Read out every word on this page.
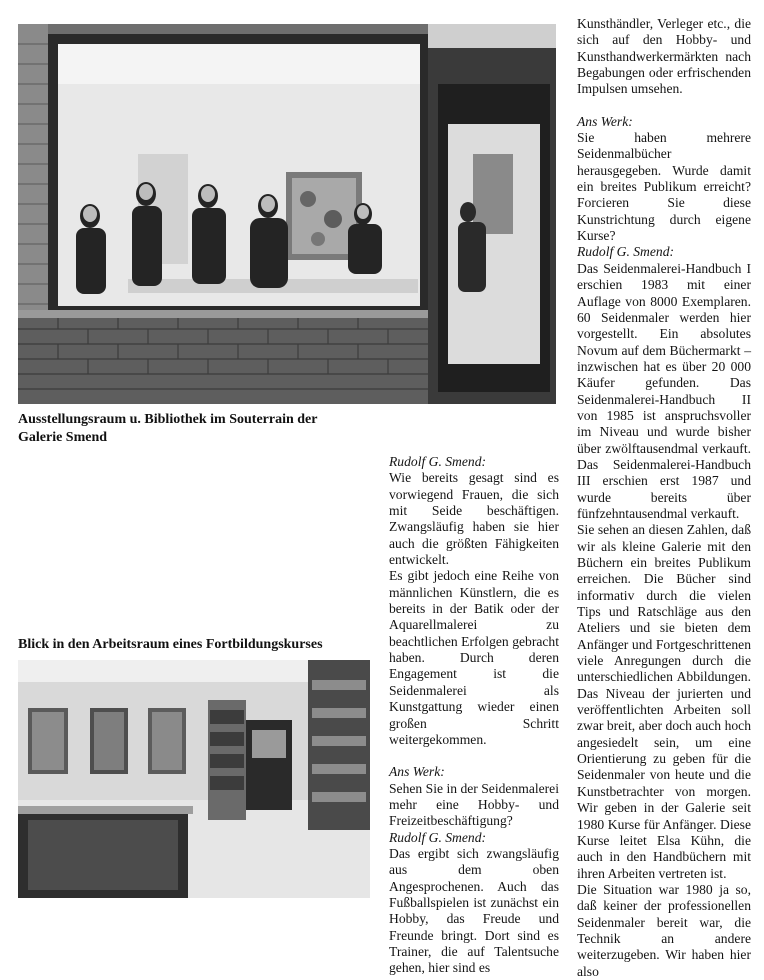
Ausstellungsraum u. Bibliothek im Souterrain der Galerie Smend

Blick in den Arbeitsraum eines Fortbildungskurses

Rudolf G. Smend:

Wie bereits gesagt sind es vorwiegend Frauen, die sich mit Seide beschäftigen. Zwangsläufig haben sie hier auch die größten Fähigkeiten entwickelt.

Es gibt jedoch eine Reihe von männlichen Künstlern, die es bereits in der Batik oder der Aquarellmalerei zu beachtlichen Erfolgen gebracht haben. Durch deren Engagement ist die Seidenmalerei als Kunstgattung wieder einen großen Schritt weitergekommen.

Ans Werk:

Sehen Sie in der Seidenmalerei mehr eine Hobby- und Freizeitbeschäftigung?

Rudolf G. Smend:

Das ergibt sich zwangsläufig aus dem oben Angesprochenen. Auch das Fußballspielen ist zunächst ein Hobby, das Freude und Freunde bringt. Dort sind es Trainer, die auf Talentsuche gehen, hier sind es

Kunsthändler, Verleger etc., die sich auf den Hobby- und Kunsthandwerkermärkten nach Begabungen oder erfrischenden Impulsen umsehen.

Ans Werk:

Sie haben mehrere Seidenmalbücher herausgegeben. Wurde damit ein breites Publikum erreicht? Forcieren Sie diese Kunstrichtung durch eigene Kurse?

Rudolf G. Smend:

Das Seidenmalerei-Handbuch I erschien 1983 mit einer Auflage von 8000 Exemplaren. 60 Seidenmaler werden hier vorgestellt. Ein absolutes Novum auf dem Büchermarkt – inzwischen hat es über 20 000 Käufer gefunden. Das Seidenmalerei-Handbuch II von 1985 ist anspruchsvoller im Niveau und wurde bisher über zwölftausendmal verkauft. Das Seidenmalerei-Handbuch III erschien erst 1987 und wurde bereits über fünfzehntausendmal verkauft.

Sie sehen an diesen Zahlen, daß wir als kleine Galerie mit den Büchern ein breites Publikum erreichen. Die Bücher sind informativ durch die vielen Tips und Ratschläge aus den Ateliers und sie bieten dem Anfänger und Fortgeschrittenen viele Anregungen durch die unterschiedlichen Abbildungen. Das Niveau der jurierten und veröffentlichten Arbeiten soll zwar breit, aber doch auch hoch angesiedelt sein, um eine Orientierung zu geben für die Seidenmaler von heute und die Kunstbetrachter von morgen. Wir geben in der Galerie seit 1980 Kurse für Anfänger. Diese Kurse leitet Elsa Kühn, die auch in den Handbüchern mit ihren Arbeiten vertreten ist.

Die Situation war 1980 ja so, daß keiner der professionellen Seidenmaler bereit war, die Technik an andere weiterzugeben. Wir haben hier also
